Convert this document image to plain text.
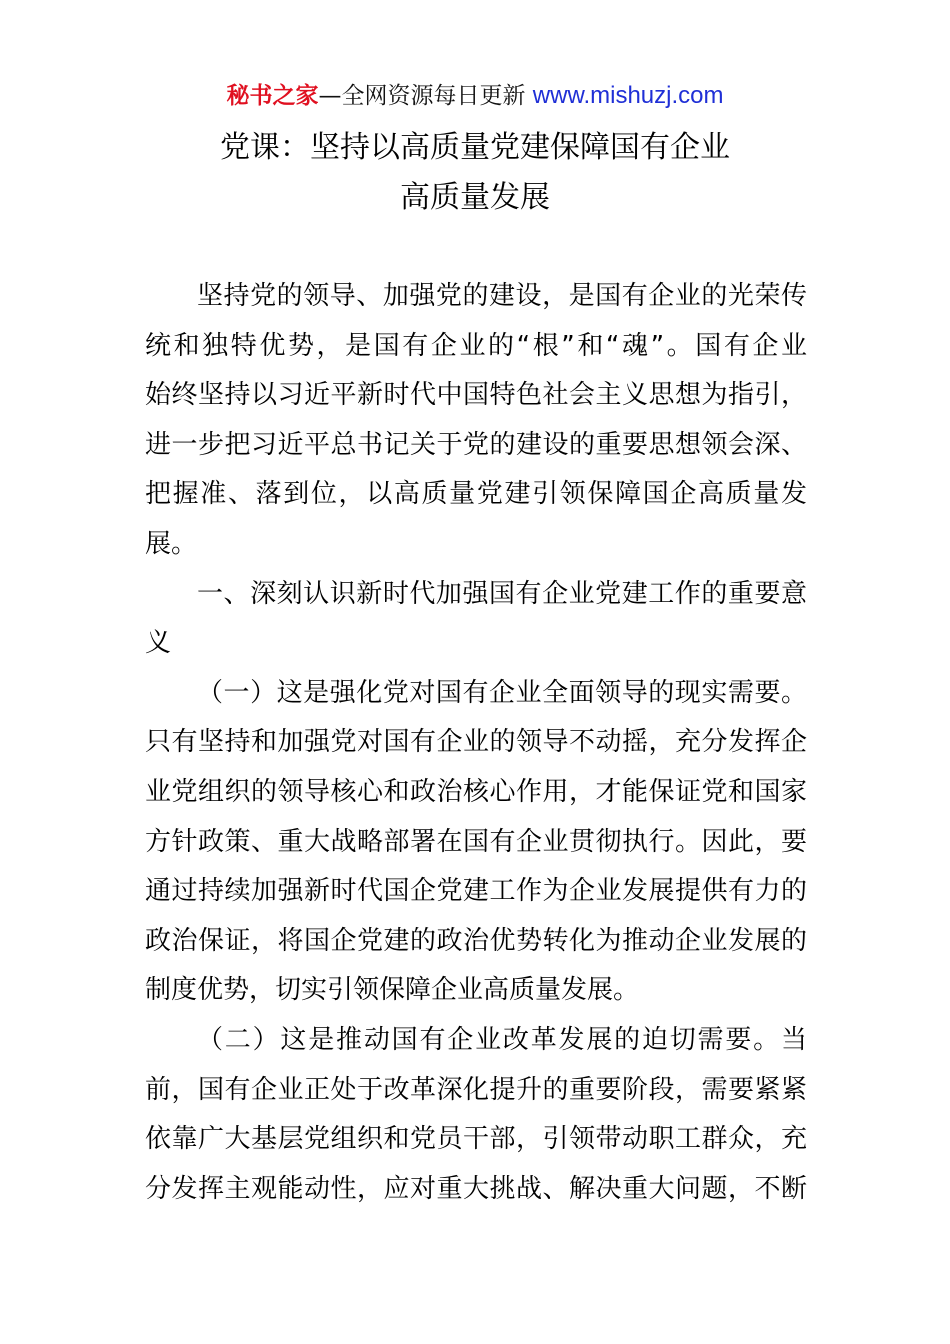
秘书之家—全网资源每日更新 www.mishuzj.com
党课：坚持以高质量党建保障国有企业
高质量发展
坚持党的领导、加强党的建设，是国有企业的光荣传
统和独特优势，是国有企业的“根”和“魂”。国有企业
始终坚持以习近平新时代中国特色社会主义思想为指引，
进一步把习近平总书记关于党的建设的重要思想领会深、
把握准、落到位，以高质量党建引领保障国企高质量发
展。
一、深刻认识新时代加强国有企业党建工作的重要意
义
（一）这是强化党对国有企业全面领导的现实需要。
只有坚持和加强党对国有企业的领导不动摇，充分发挥企
业党组织的领导核心和政治核心作用，才能保证党和国家
方针政策、重大战略部署在国有企业贯彻执行。因此，要
通过持续加强新时代国企党建工作为企业发展提供有力的
政治保证，将国企党建的政治优势转化为推动企业发展的
制度优势，切实引领保障企业高质量发展。
（二）这是推动国有企业改革发展的迫切需要。当
前，国有企业正处于改革深化提升的重要阶段，需要紧紧
依靠广大基层党组织和党员干部，引领带动职工群众，充
分发挥主观能动性，应对重大挑战、解决重大问题，不断
